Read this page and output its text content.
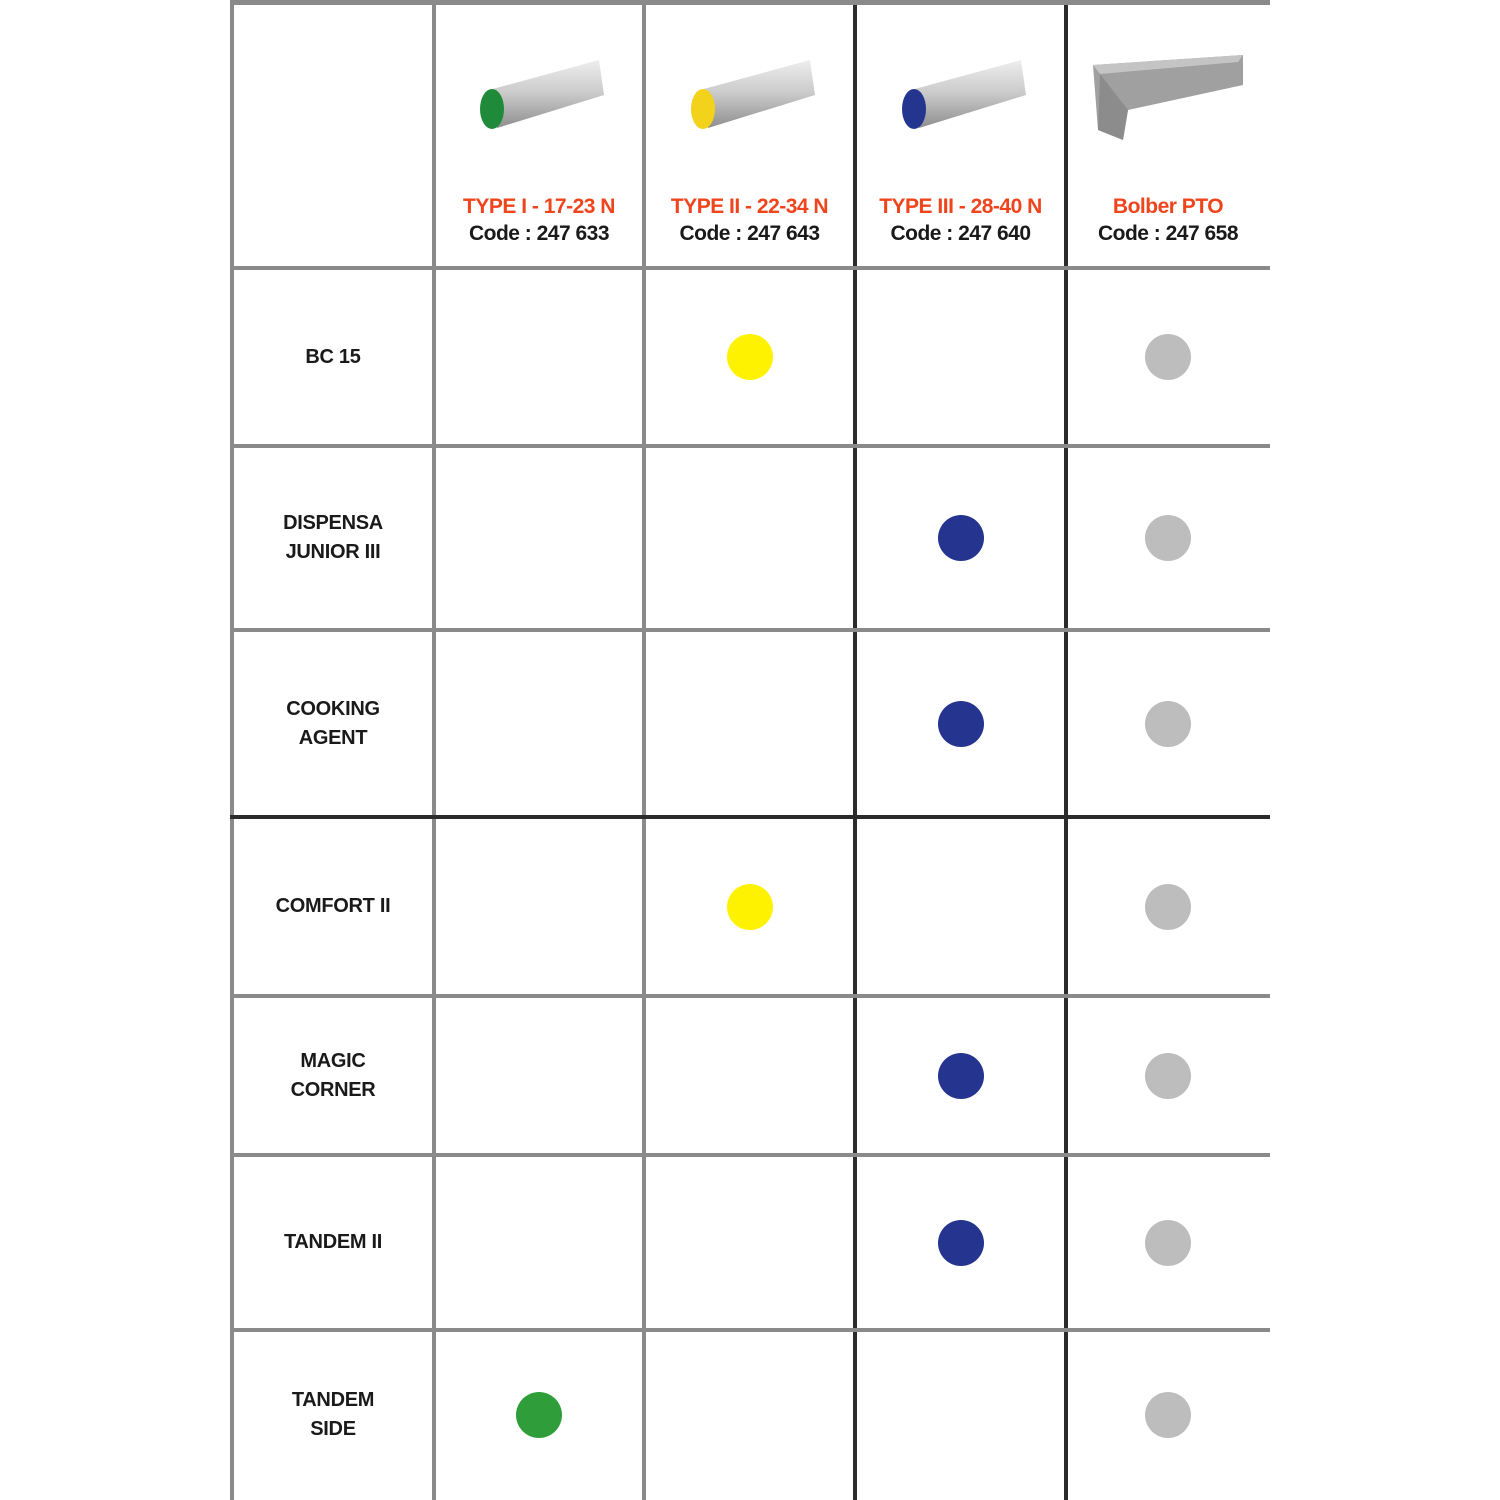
TYPE I - 17-23 N
Code : 247 633
TYPE II - 22-34 N
Code : 247 643
TYPE III - 28-40 N
Code : 247 640
Bolber PTO
Code : 247 658
BC 15
DISPENSA
JUNIOR III
COOKING
AGENT
COMFORT II
MAGIC
CORNER
TANDEM II
TANDEM
SIDE
